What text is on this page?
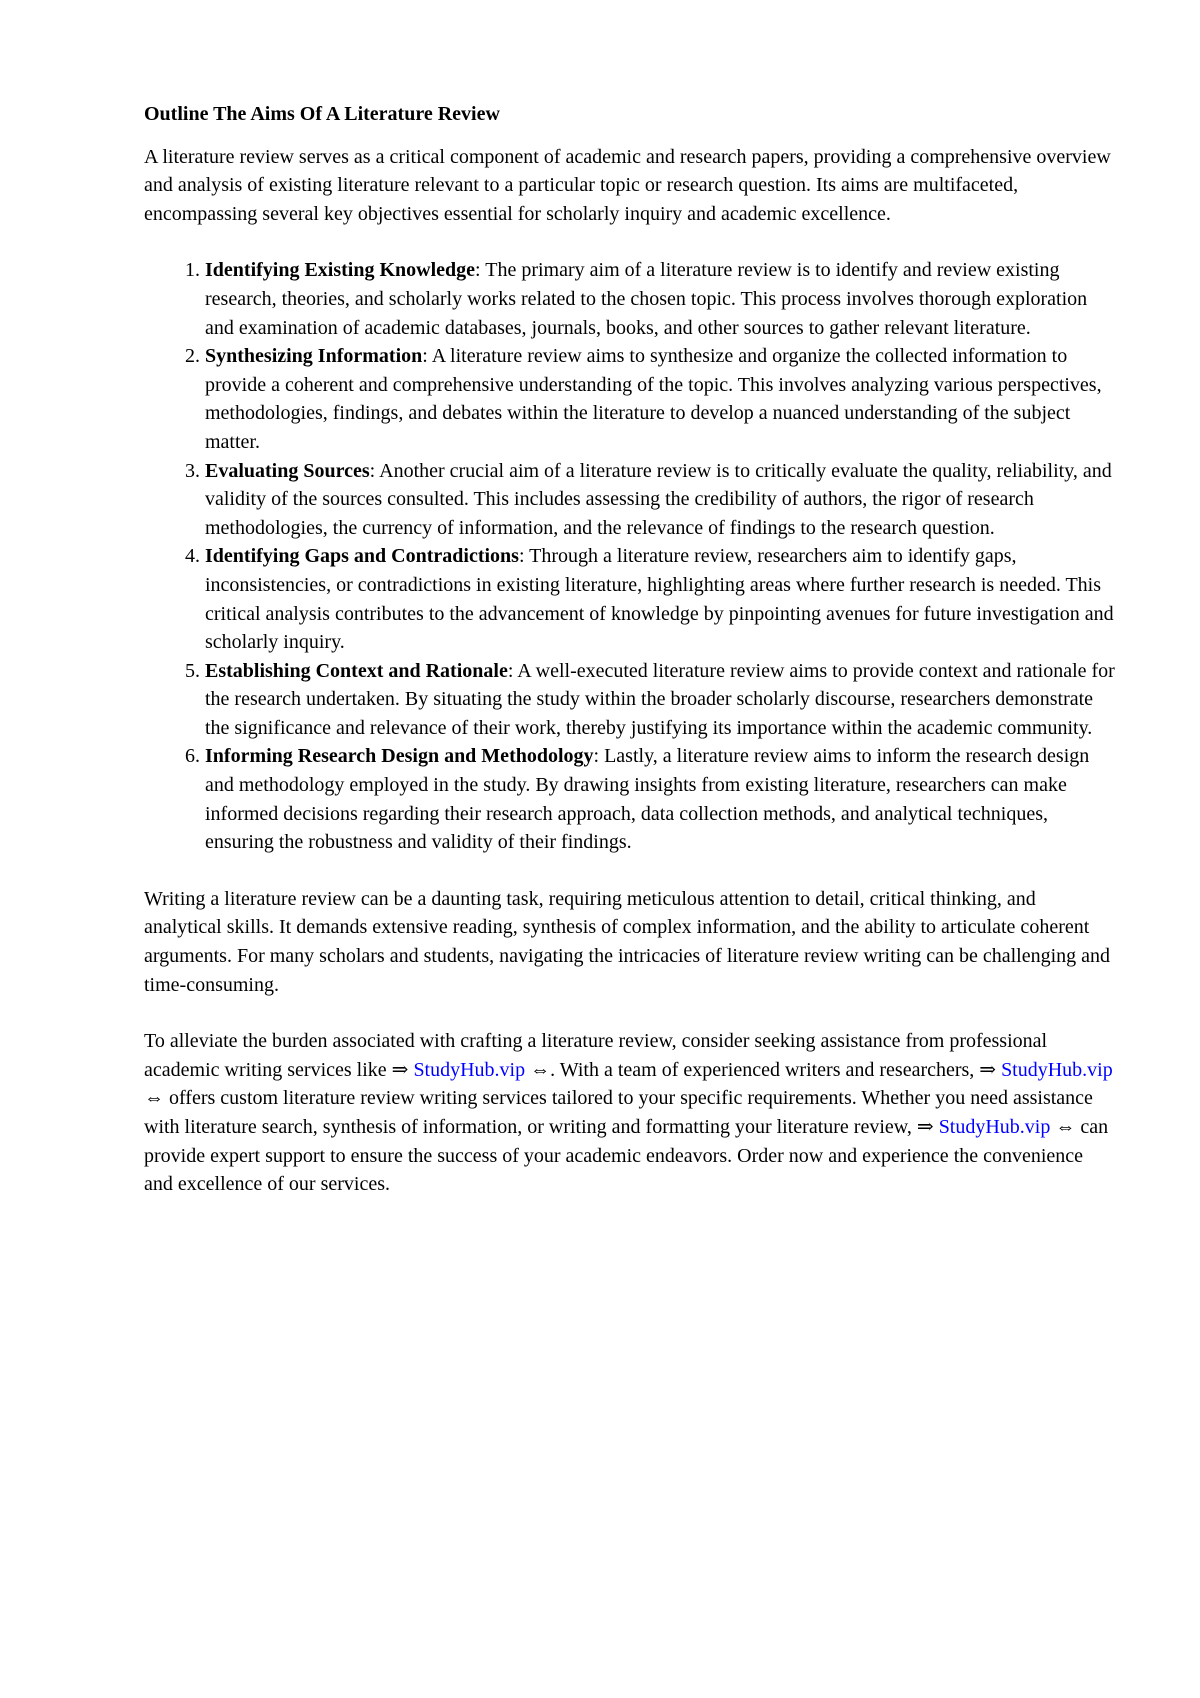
Outline The Aims Of A Literature Review

A literature review serves as a critical component of academic and research papers, providing a comprehensive overview and analysis of existing literature relevant to a particular topic or research question. Its aims are multifaceted, encompassing several key objectives essential for scholarly inquiry and academic excellence.

1. Identifying Existing Knowledge: The primary aim of a literature review is to identify and review existing research, theories, and scholarly works related to the chosen topic. This process involves thorough exploration and examination of academic databases, journals, books, and other sources to gather relevant literature.
2. Synthesizing Information: A literature review aims to synthesize and organize the collected information to provide a coherent and comprehensive understanding of the topic. This involves analyzing various perspectives, methodologies, findings, and debates within the literature to develop a nuanced understanding of the subject matter.
3. Evaluating Sources: Another crucial aim of a literature review is to critically evaluate the quality, reliability, and validity of the sources consulted. This includes assessing the credibility of authors, the rigor of research methodologies, the currency of information, and the relevance of findings to the research question.
4. Identifying Gaps and Contradictions: Through a literature review, researchers aim to identify gaps, inconsistencies, or contradictions in existing literature, highlighting areas where further research is needed. This critical analysis contributes to the advancement of knowledge by pinpointing avenues for future investigation and scholarly inquiry.
5. Establishing Context and Rationale: A well-executed literature review aims to provide context and rationale for the research undertaken. By situating the study within the broader scholarly discourse, researchers demonstrate the significance and relevance of their work, thereby justifying its importance within the academic community.
6. Informing Research Design and Methodology: Lastly, a literature review aims to inform the research design and methodology employed in the study. By drawing insights from existing literature, researchers can make informed decisions regarding their research approach, data collection methods, and analytical techniques, ensuring the robustness and validity of their findings.

Writing a literature review can be a daunting task, requiring meticulous attention to detail, critical thinking, and analytical skills. It demands extensive reading, synthesis of complex information, and the ability to articulate coherent arguments. For many scholars and students, navigating the intricacies of literature review writing can be challenging and time-consuming.

To alleviate the burden associated with crafting a literature review, consider seeking assistance from professional academic writing services like ⇒ StudyHub.vip ⇔. With a team of experienced writers and researchers, ⇒ StudyHub.vip ⇔ offers custom literature review writing services tailored to your specific requirements. Whether you need assistance with literature search, synthesis of information, or writing and formatting your literature review, ⇒ StudyHub.vip ⇔ can provide expert support to ensure the success of your academic endeavors. Order now and experience the convenience and excellence of our services.
